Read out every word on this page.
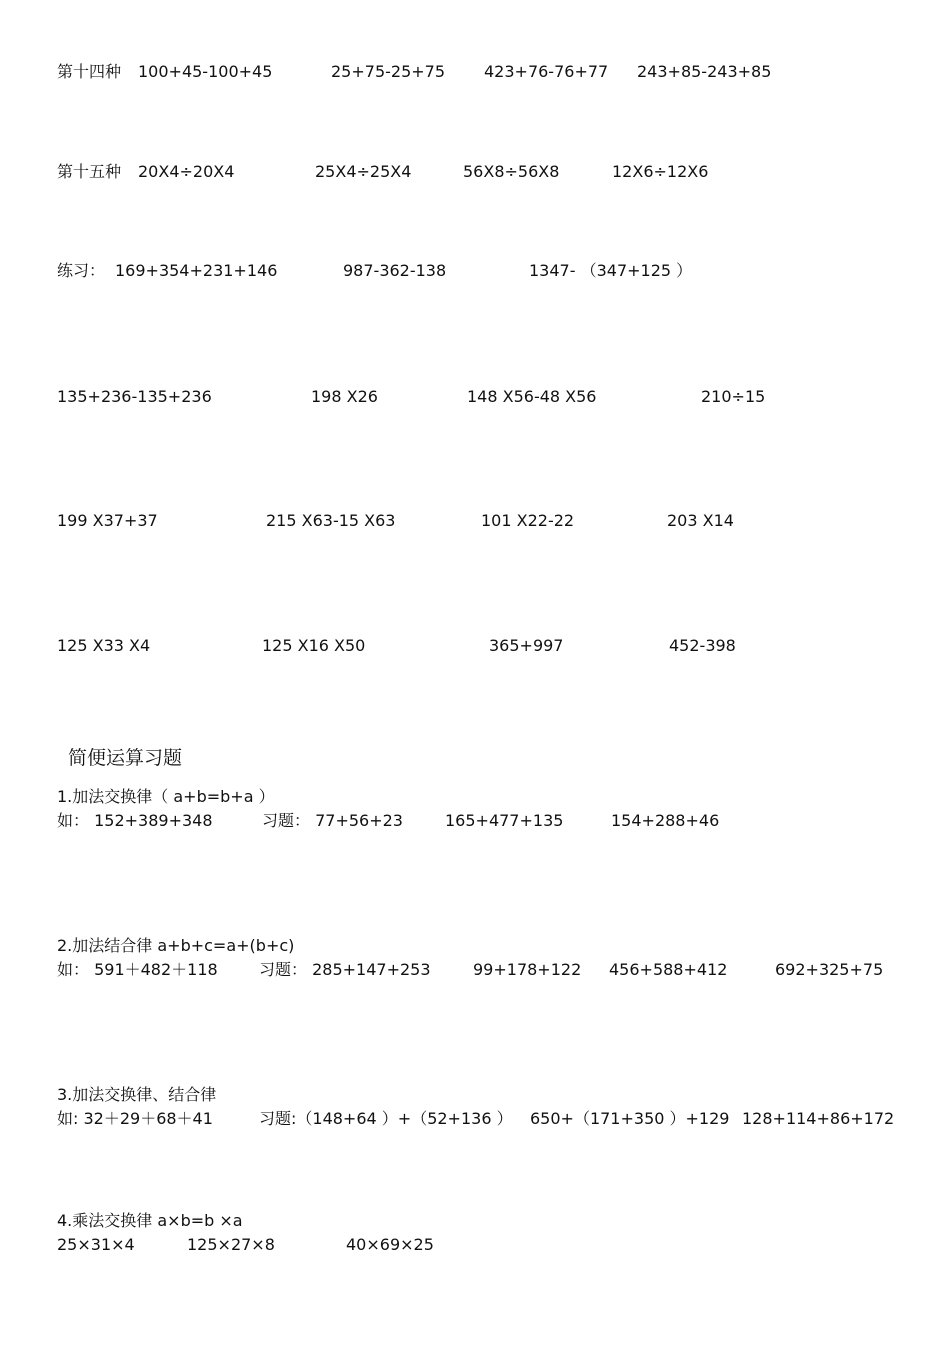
第十四种 100+45-100+45	25+75-25+75 423+76-76+77 243+85-243+85
第十五种 20X4÷20X4	25X4÷25X4	56X8÷56X8	12X6÷12X6
练习： 169+354+231+146	987-362-138	1347- （347+125 ）
135+236-135+236	198 X26	148 X56-48 X56	210÷15
199 X37+37	215 X63-15 X63	101 X22-22	203 X14
125 X33 X4	125 X16 X50	365+997	452-398
简便运算习题
1.加法交换律（ a+b=b+a ）
如： 152+389+348	习题： 77+56+23	165+477+135	154+288+46
2.加法结合律 a+b+c=a+(b+c)
如： 591＋482＋118	习题： 285+147+253	99+178+122 456+588+412	692+325+75
3.加法交换律、结合律
如: 32＋29＋68＋41	习题:（148+64 ）+（52+136 ） 650+（171+350 ）+129 128+114+86+172
4.乘法交换律 a×b=b ×a
25×31×4	125×27×8	40×69×25
